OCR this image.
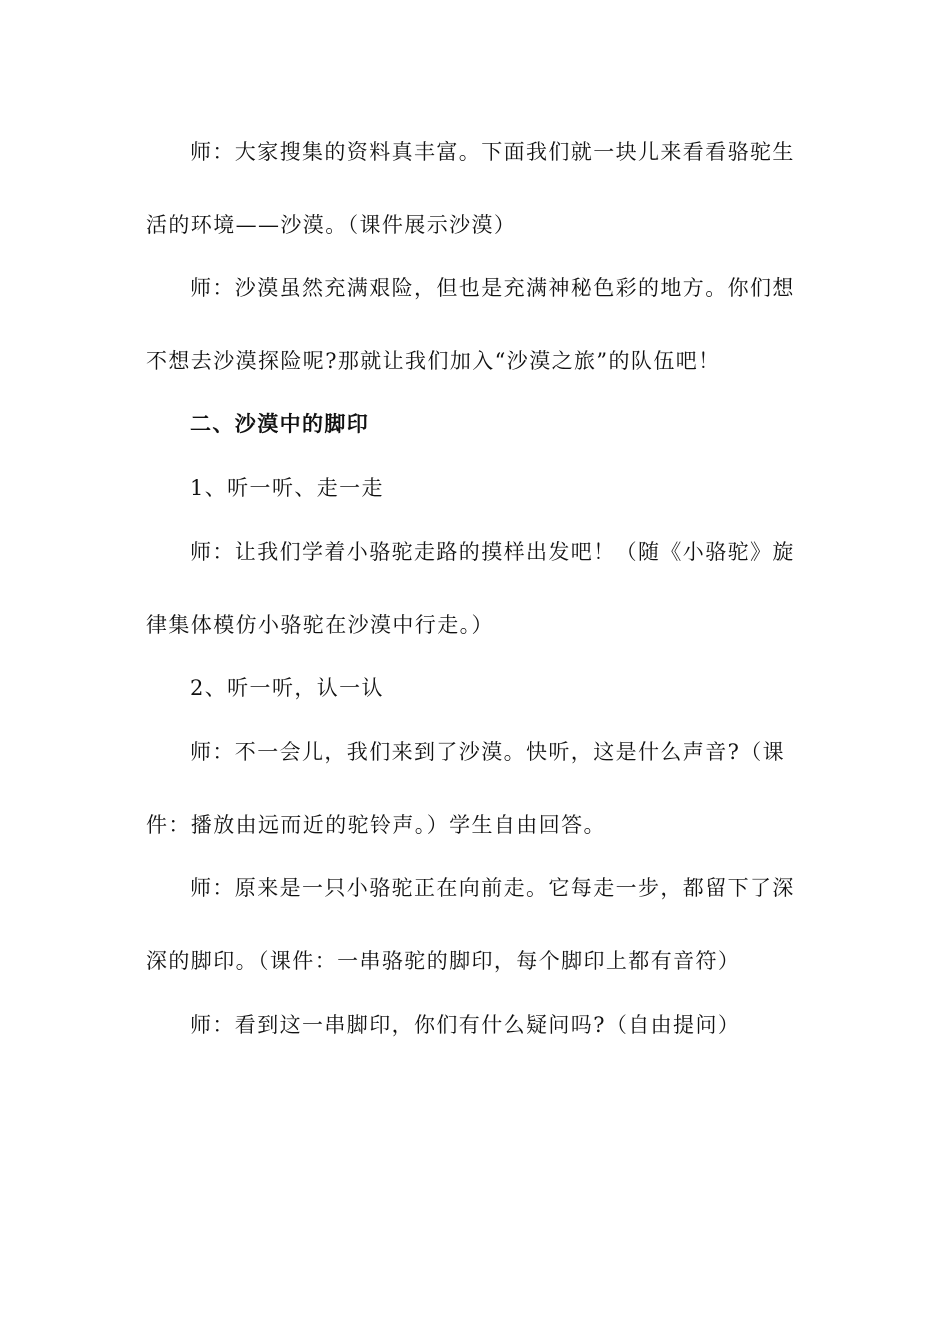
师：大家搜集的资料真丰富。下面我们就一块儿来看看骆驼生
活的环境——沙漠。（课件展示沙漠）
师：沙漠虽然充满艰险，但也是充满神秘色彩的地方。你们想
不想去沙漠探险呢?那就让我们加入“沙漠之旅”的队伍吧！
二、沙漠中的脚印
1、听一听、走一走
师：让我们学着小骆驼走路的摸样出发吧！（随《小骆驼》旋
律集体模仿小骆驼在沙漠中行走。）
2、听一听，认一认
师：不一会儿，我们来到了沙漠。快听，这是什么声音?（课
件：播放由远而近的驼铃声。）学生自由回答。
师：原来是一只小骆驼正在向前走。它每走一步，都留下了深
深的脚印。（课件：一串骆驼的脚印，每个脚印上都有音符）
师：看到这一串脚印，你们有什么疑问吗?（自由提问）
